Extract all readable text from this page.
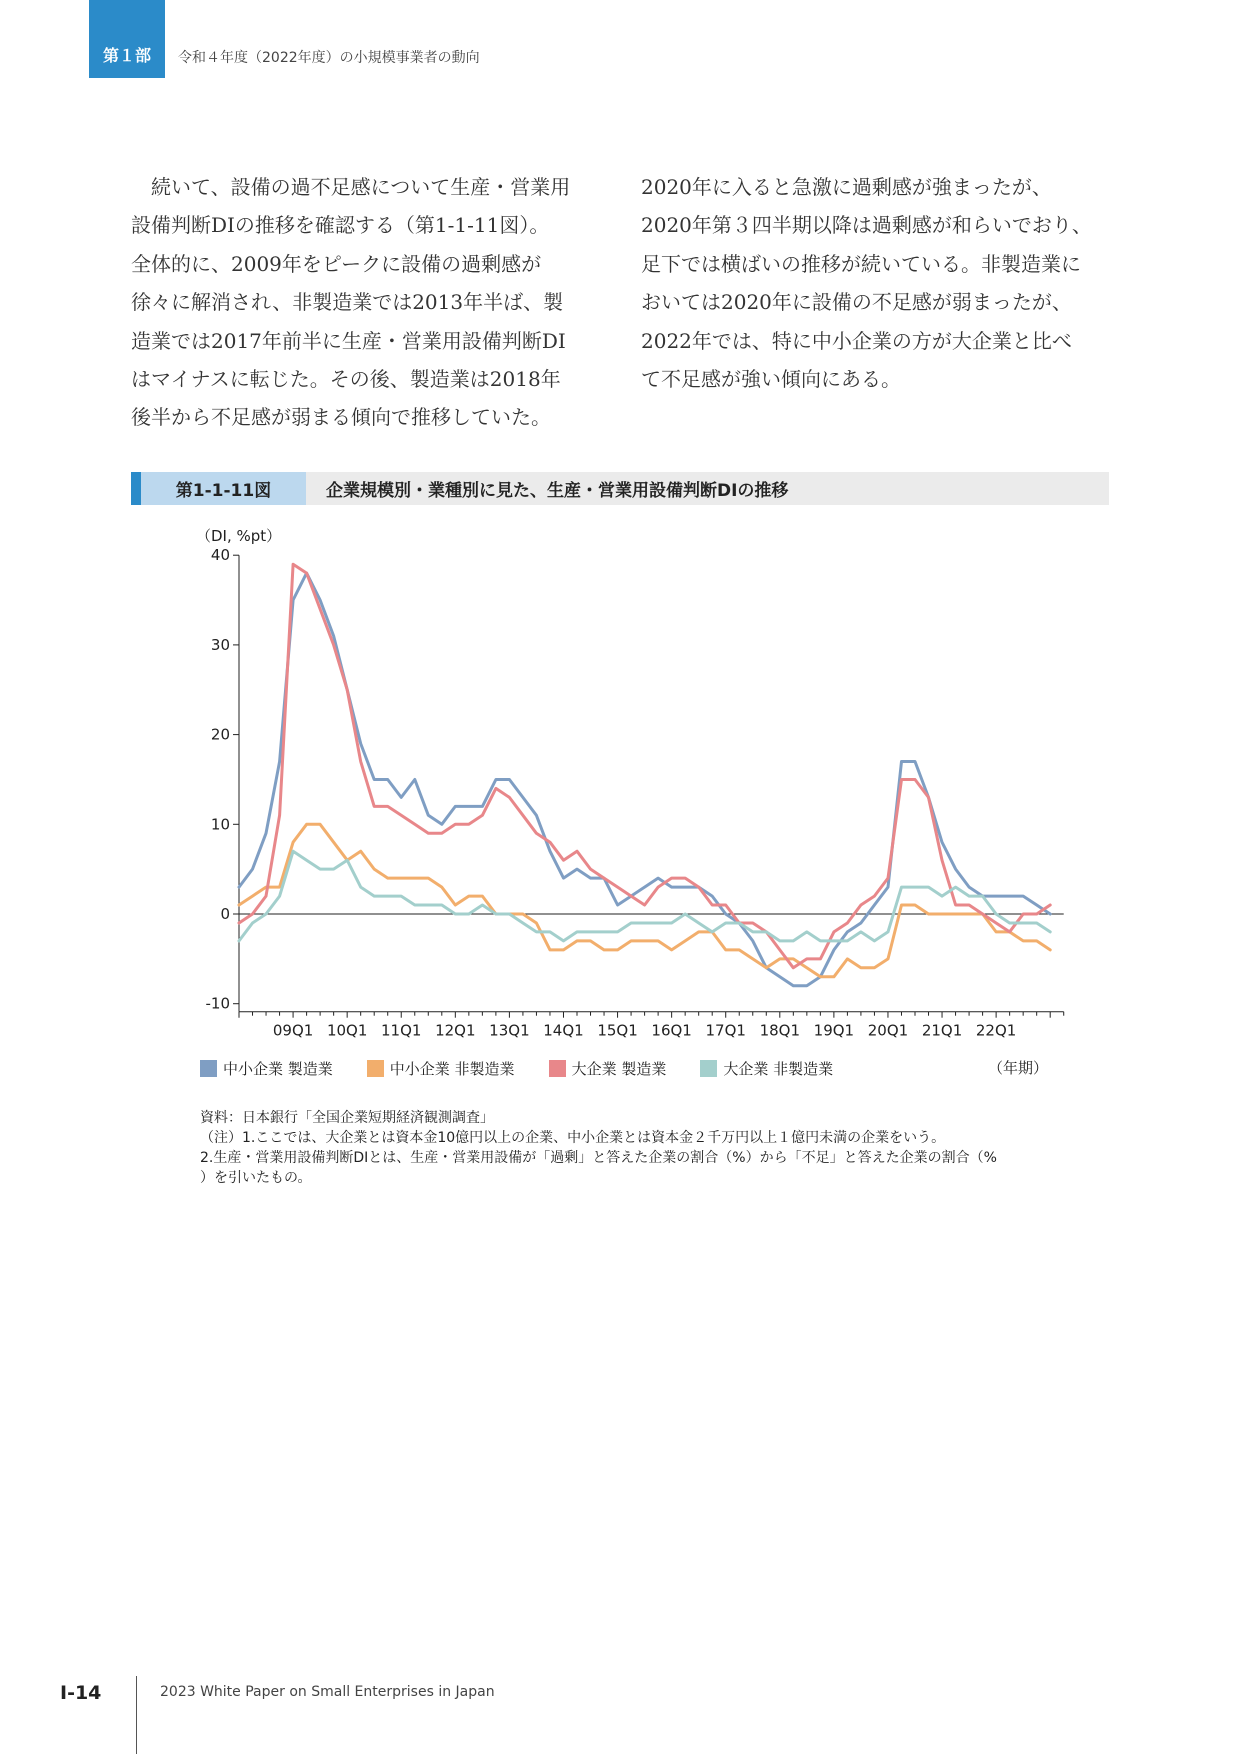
第１部 令和４年度（2022年度）の小規模事業者の動向
　続いて、設備の過不足感について生産・営業用
設備判断DIの推移を確認する（第1-1-11図）。
全体的に、2009年をピークに設備の過剰感が
徐々に解消され、非製造業では2013年半ば、製
造業では2017年前半に生産・営業用設備判断DI
はマイナスに転じた。その後、製造業は2018年
後半から不足感が弱まる傾向で推移していた。
2020年に入ると急激に過剰感が強まったが、
2020年第３四半期以降は過剰感が和らいでおり、
足下では横ばいの推移が続いている。非製造業に
おいては2020年に設備の不足感が弱まったが、
2022年では、特に中小企業の方が大企業と比べ
て不足感が強い傾向にある。
第1-1-11図	企業規模別・業種別に見た、生産・営業用設備判断DIの推移
（DI, %pt）
40
30
20
10
0
-10
09Q1 10Q1 11Q1 12Q1 13Q1 14Q1 15Q1 16Q1 17Q1 18Q1 19Q1 20Q1 21Q1 22Q1
中小企業 製造業	中小企業 非製造業	大企業 製造業	大企業 非製造業	（年期）
資料：日本銀行「全国企業短期経済観測調査」
（注）1.ここでは、大企業とは資本金10億円以上の企業、中小企業とは資本金２千万円以上１億円未満の企業をいう。
2.生産・営業用設備判断DIとは、生産・営業用設備が「過剰」と答えた企業の割合（%）から「不足」と答えた企業の割合（%
）を引いたもの。
I-14	2023 White Paper on Small Enterprises in Japan
